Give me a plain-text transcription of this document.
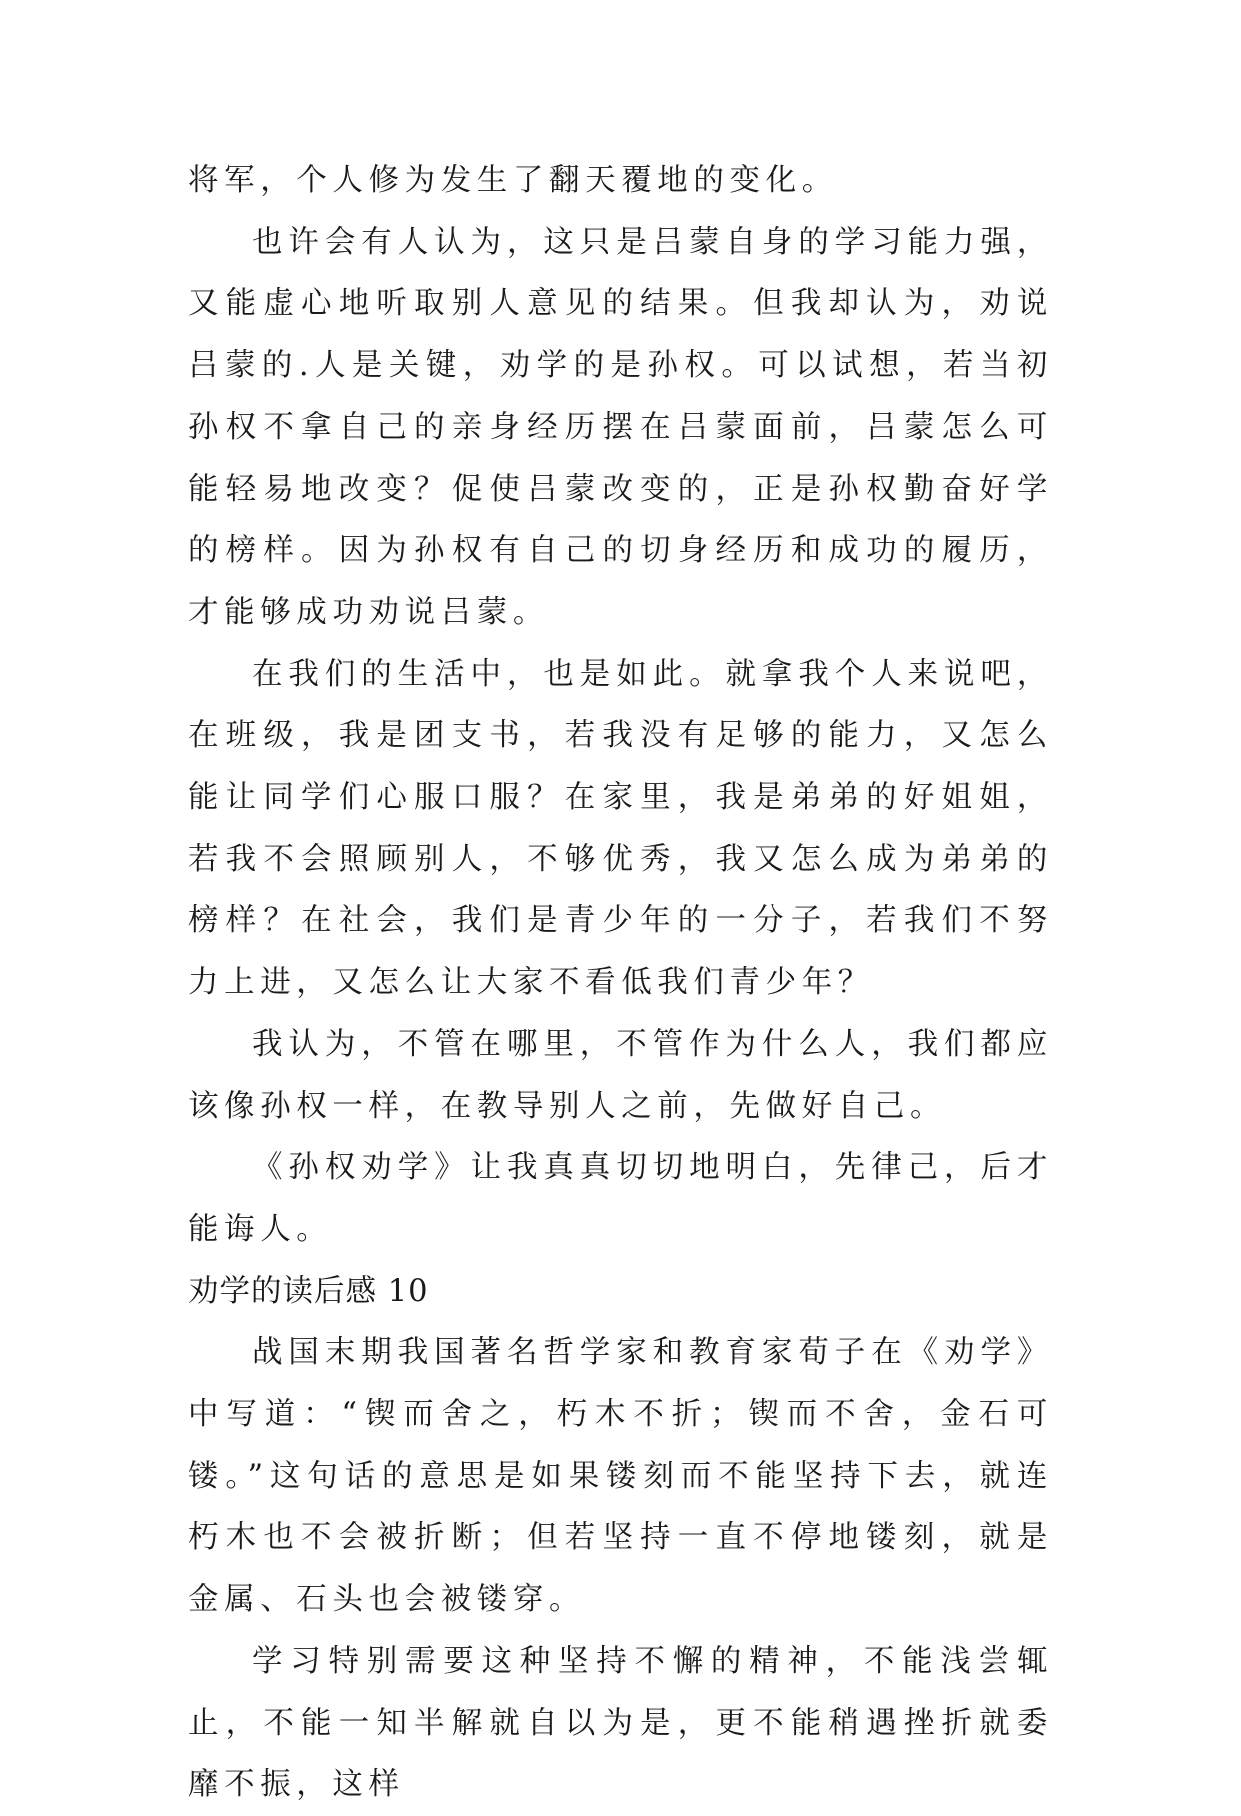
将军，个人修为发生了翻天覆地的变化。

也许会有人认为，这只是吕蒙自身的学习能力强，又能虚心地听取别人意见的结果。但我却认为，劝说吕蒙的.人是关键，劝学的是孙权。可以试想，若当初孙权不拿自己的亲身经历摆在吕蒙面前，吕蒙怎么可能轻易地改变？促使吕蒙改变的，正是孙权勤奋好学的榜样。因为孙权有自己的切身经历和成功的履历，才能够成功劝说吕蒙。

在我们的生活中，也是如此。就拿我个人来说吧，在班级，我是团支书，若我没有足够的能力，又怎么能让同学们心服口服？在家里，我是弟弟的好姐姐，若我不会照顾别人，不够优秀，我又怎么成为弟弟的榜样？在社会，我们是青少年的一分子，若我们不努力上进，又怎么让大家不看低我们青少年？

我认为，不管在哪里，不管作为什么人，我们都应该像孙权一样，在教导别人之前，先做好自己。

《孙权劝学》让我真真切切地明白，先律己，后才能诲人。

劝学的读后感 10

战国末期我国著名哲学家和教育家荀子在《劝学》中写道：“锲而舍之，朽木不折；锲而不舍，金石可镂。”这句话的意思是如果镂刻而不能坚持下去，就连朽木也不会被折断；但若坚持一直不停地镂刻，就是金属、石头也会被镂穿。

学习特别需要这种坚持不懈的精神，不能浅尝辄止，不能一知半解就自以为是，更不能稍遇挫折就委靡不振，这样
